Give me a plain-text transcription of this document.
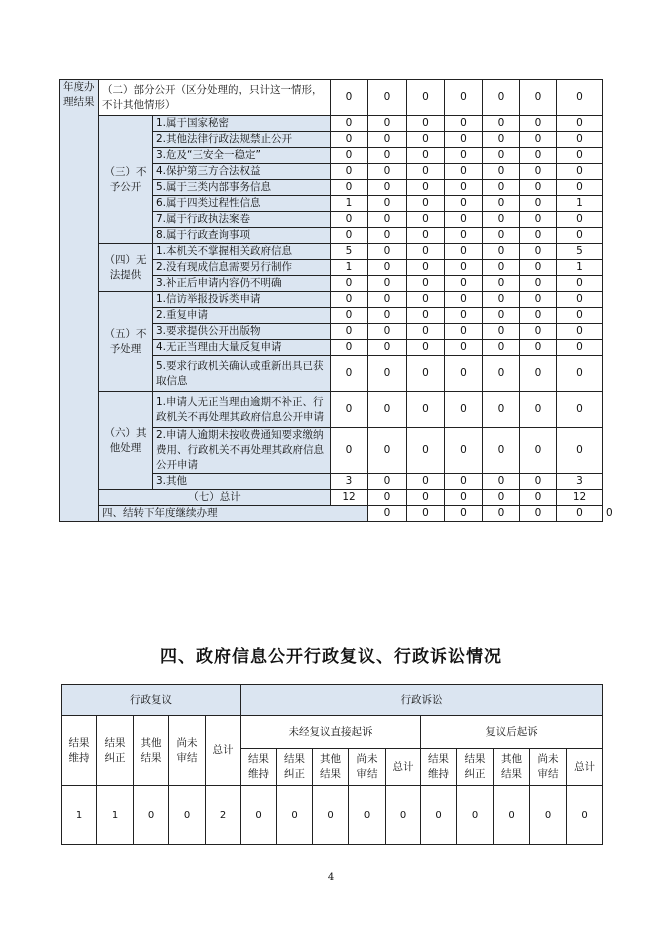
年度办理结果	（二）部分公开（区分处理的，只计这一情形，不计其他情形）		0	0	0	0	0	0	0	
	（三）不予公开	1.属于国家秘密	0	0	0	0	0	0	0	
		2.其他法律行政法规禁止公开	0	0	0	0	0	0	0	
		3.危及“三安全一稳定”	0	0	0	0	0	0	0	
		4.保护第三方合法权益	0	0	0	0	0	0	0	
		5.属于三类内部事务信息	0	0	0	0	0	0	0	
		6.属于四类过程性信息	1	0	0	0	0	0	1	
		7.属于行政执法案卷	0	0	0	0	0	0	0	
		8.属于行政查询事项	0	0	0	0	0	0	0	
	（四）无法提供	1.本机关不掌握相关政府信息	5	0	0	0	0	0	5	
		2.没有现成信息需要另行制作	1	0	0	0	0	0	1	
		3.补正后申请内容仍不明确	0	0	0	0	0	0	0	
	（五）不予处理	1.信访举报投诉类申请	0	0	0	0	0	0	0	
		2.重复申请	0	0	0	0	0	0	0	
		3.要求提供公开出版物	0	0	0	0	0	0	0	
		4.无正当理由大量反复申请	0	0	0	0	0	0	0	
		5.要求行政机关确认或重新出具已获取信息	0	0	0	0	0	0	0	
	（六）其他处理	1.申请人无正当理由逾期不补正、行政机关不再处理其政府信息公开申请	0	0	0	0	0	0	0	
		2.申请人逾期未按收费通知要求缴纳费用、行政机关不再处理其政府信息公开申请	0	0	0	0	0	0	0	
		3.其他	3	0	0	0	0	0	3	
	（七）总计		12	0	0	0	0	0	12	
	四、结转下年度继续办理			0	0	0	0	0	0	0
四、政府信息公开行政复议、行政诉讼情况
行政复议					行政诉讼									
结果维持	结果纠正	其他结果	尚未审结	总计	未经复议直接起诉					复议后起诉				
					结果维持	结果纠正	其他结果	尚未审结	总计	结果维持	结果纠正	其他结果	尚未审结	总计
1	1	0	0	2	0	0	0	0	0	0	0	0	0	0
4
